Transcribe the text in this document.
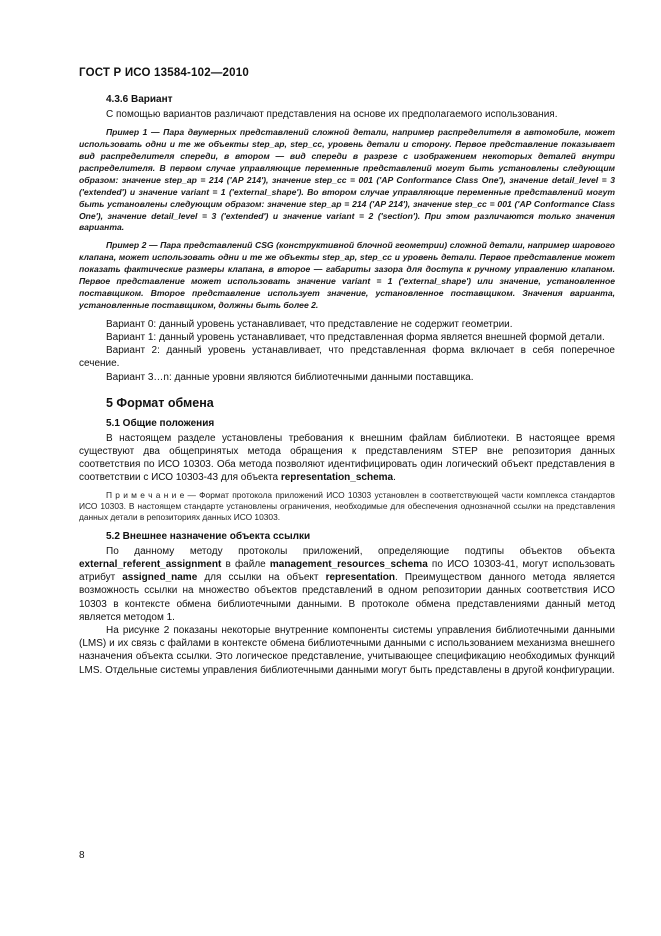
ГОСТ Р ИСО 13584-102—2010
4.3.6 Вариант

С помощью вариантов различают представления на основе их предполагаемого использования.

Пример 1 — Пара двумерных представлений сложной детали, например распределителя в автомобиле, может использовать одни и те же объекты step_ap, step_cc, уровень детали и сторону. Первое представление показывает вид распределителя спереди, в втором — вид спереди в разрезе с изображением некоторых деталей внутри распределителя. В первом случае управляющие переменные представлений могут быть установлены следующим образом: значение step_ap = 214 ('AP 214'), значение step_cc = 001 ('AP Conformance Class One'), значение detail_level = 3 ('extended') и значение variant = 1 ('external_shape'). Во втором случае управляющие переменные представлений могут быть установлены следующим образом: значение step_ap = 214 ('AP 214'), значение step_cc = 001 ('AP Conformance Class One'), значение detail_level = 3 ('extended') и значение variant = 2 ('section'). При этом различаются только значения варианта.

Пример 2 — Пара представлений CSG (конструктивной блочной геометрии) сложной детали, например шарового клапана, может использовать одни и те же объекты step_ap, step_cc и уровень детали. Первое представление может показать фактические размеры клапана, в второе — габариты зазора для доступа к ручному управлению клапаном. Первое представление может использовать значение variant = 1 ('external_shape') или значение, установленное поставщиком. Второе представление использует значение, установленное поставщиком. Значения варианта, установленные поставщиком, должны быть более 2.

Вариант 0: данный уровень устанавливает, что представление не содержит геометрии.

Вариант 1: данный уровень устанавливает, что представленная форма является внешней формой детали.

Вариант 2: данный уровень устанавливает, что представленная форма включает в себя поперечное сечение.

Вариант 3…n: данные уровни являются библиотечными данными поставщика.

5 Формат обмена
5.1 Общие положения

В настоящем разделе установлены требования к внешним файлам библиотеки. В настоящее время существуют два общепринятых метода обращения к представлениям STEP вне репозитория данных соответствия по ИСО 10303. Оба метода позволяют идентифицировать один логический объект представления в соответствии с ИСО 10303-43 для объекта representation_schema.

П р и м е ч а н и е — Формат протокола приложений ИСО 10303 установлен в соответствующей части комплекса стандартов ИСО 10303. В настоящем стандарте установлены ограничения, необходимые для обеспечения однозначной ссылки на представления данных детали в репозиториях данных ИСО 10303.

5.2 Внешнее назначение объекта ссылки

По данному методу протоколы приложений, определяющие подтипы объектов объекта external_referent_assignment в файле management_resources_schema по ИСО 10303-41, могут использовать атрибут assigned_name для ссылки на объект representation. Преимуществом данного метода является возможность ссылки на множество объектов представлений в одном репозитории данных соответствия ИСО 10303 в контексте обмена библиотечными данными. В протоколе обмена представлениями данный метод является методом 1.

На рисунке 2 показаны некоторые внутренние компоненты системы управления библиотечными данными (LMS) и их связь с файлами в контексте обмена библиотечными данными с использованием механизма внешнего назначения объекта ссылки. Это логическое представление, учитывающее спецификацию необходимых функций LMS. Отдельные системы управления библиотечными данными могут быть представлены в другой конфигурации.

8
